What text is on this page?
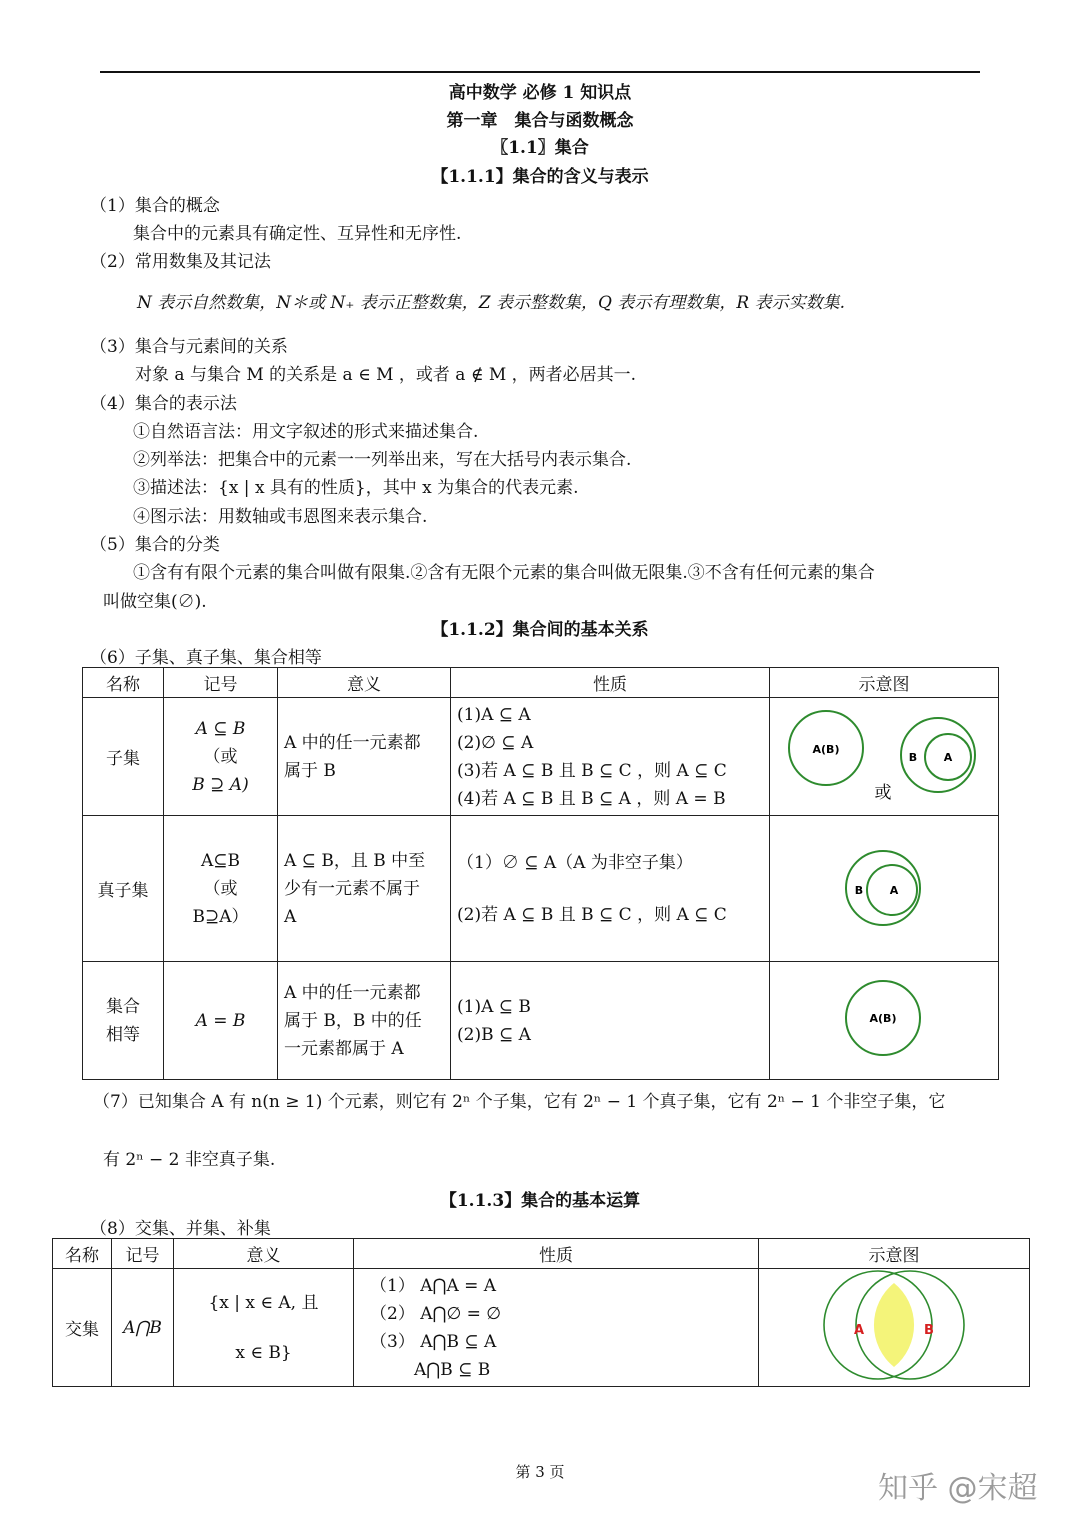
高中数学 必修 1 知识点
第一章　集合与函数概念
〖1.1〗集合
【1.1.1】集合的含义与表示
（1）集合的概念
集合中的元素具有确定性、互异性和无序性.
（2）常用数集及其记法
N 表示自然数集，N＊或 N₊ 表示正整数集，Z 表示整数集，Q 表示有理数集，R 表示实数集.
（3）集合与元素间的关系
对象 a 与集合 M 的关系是 a ∈ M ，或者 a ∉ M ，两者必居其一.
（4）集合的表示法
①自然语言法：用文字叙述的形式来描述集合.
②列举法：把集合中的元素一一列举出来，写在大括号内表示集合.
③描述法：{x | x 具有的性质}，其中 x 为集合的代表元素.
④图示法：用数轴或韦恩图来表示集合.
（5）集合的分类
①含有有限个元素的集合叫做有限集.②含有无限个元素的集合叫做无限集.③不含有任何元素的集合
叫做空集(∅).
【1.1.2】集合间的基本关系
（6）子集、真子集、集合相等
名称	记号	意义	性质	示意图
子集	A ⊆ B
（或
B ⊇ A)	A 中的任一元素都
属于 B	(1)A ⊆ A
(2)∅ ⊆ A
(3)若 A ⊆ B 且 B ⊆ C ，则 A ⊆ C
(4)若 A ⊆ B 且 B ⊆ A ，则 A = B	A(B)
B A
或

真子集	A⊆B
（或
B⊇A）	A ⊆ B，且 B 中至
少有一元素不属于
A	（1）∅ ⊆ A（A 为非空子集）
(2)若 A ⊆ B 且 B ⊆ C ，则 A ⊆ C	B A

集合
相等	A = B	A 中的任一元素都
属于 B，B 中的任
一元素都属于 A	(1)A ⊆ B
(2)B ⊆ A	A(B)
（7）已知集合 A 有 n(n ≥ 1) 个元素，则它有 2ⁿ 个子集，它有 2ⁿ − 1 个真子集，它有 2ⁿ − 1 个非空子集，它
有 2ⁿ − 2 非空真子集.
【1.1.3】集合的基本运算
（8）交集、并集、补集
名称	记号	意义	性质	示意图
交集	A⋂B	{x | x ∈ A, 且
x ∈ B}	（1） A⋂A = A
（2） A⋂∅ = ∅
（3） A⋂B ⊆ A
A⋂B ⊆ B	A B
第 3 页	知乎 @宋超
